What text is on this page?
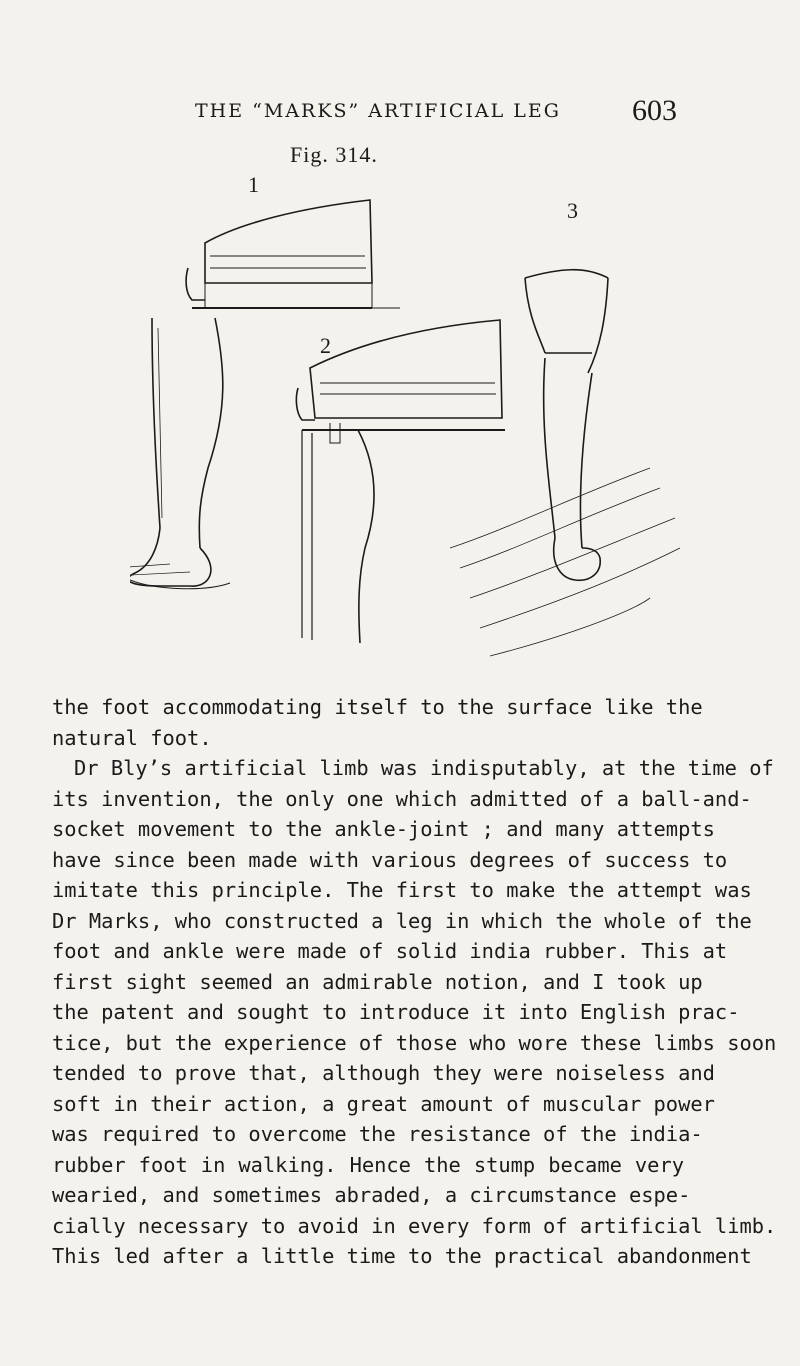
THE “MARKS” ARTIFICIAL LEG	603
Fig. 314.
1
2
3
the foot accommodating itself to the surface like the
natural foot.
Dr Bly’s artificial limb was indisputably, at the time of
its invention, the only one which admitted of a ball-and-
socket movement to the ankle-joint ; and many attempts
have since been made with various degrees of success to
imitate this principle. The first to make the attempt was
Dr Marks, who constructed a leg in which the whole of the
foot and ankle were made of solid india rubber. This at
first sight seemed an admirable notion, and I took up
the patent and sought to introduce it into English prac-
tice, but the experience of those who wore these limbs soon
tended to prove that, although they were noiseless and
soft in their action, a great amount of muscular power
was required to overcome the resistance of the india-
rubber foot in walking. Hence the stump became very
wearied, and sometimes abraded, a circumstance espe-
cially necessary to avoid in every form of artificial limb.
This led after a little time to the practical abandonment
